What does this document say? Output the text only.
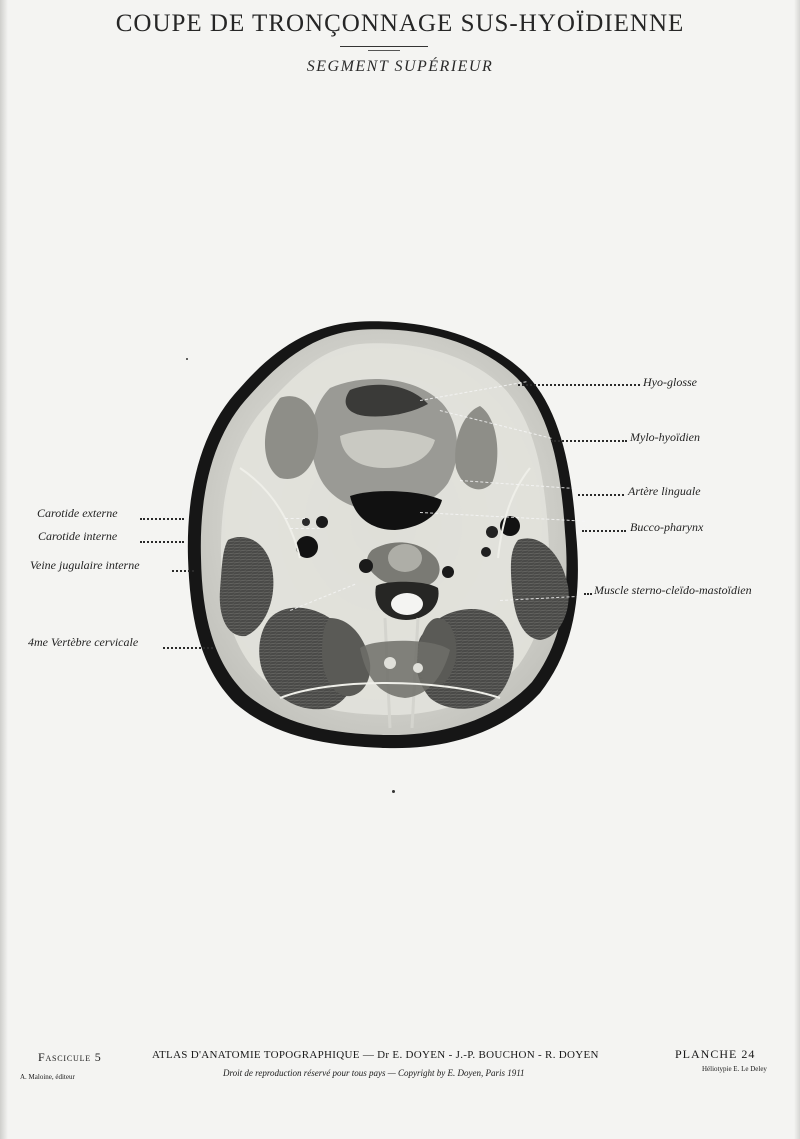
COUPE DE TRONÇONNAGE SUS-HYOÏDIENNE
SEGMENT SUPÉRIEUR
Hyo-glosse
Mylo-hyoïdien
Artère linguale
Bucco-pharynx
Muscle sterno-cleïdo-mastoïdien
Carotide externe
Carotide interne
Veine jugulaire interne
4me Vertèbre cervicale
Fascicule 5	ATLAS D'ANATOMIE TOPOGRAPHIQUE — Dr E. DOYEN - J.-P. BOUCHON - R. DOYEN	PLANCHE 24
Droit de reproduction réservé pour tous pays — Copyright by E. Doyen, Paris 1911
A. Maloine, éditeur
Héliotypie E. Le Deley
